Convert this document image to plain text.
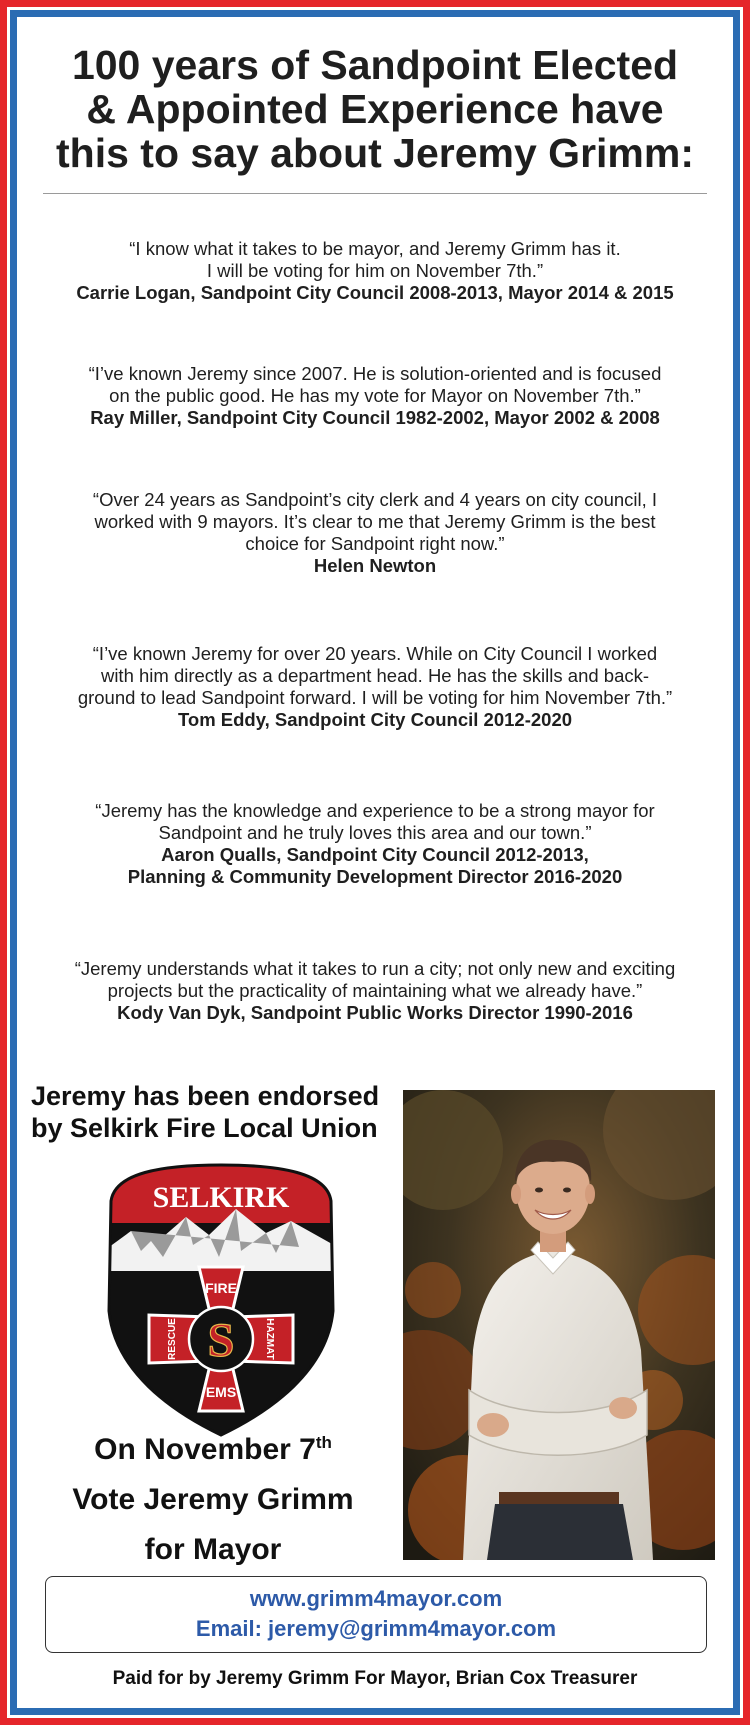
100 years of Sandpoint Elected
& Appointed Experience have
this to say about Jeremy Grimm:
“I know what it takes to be mayor, and Jeremy Grimm has it.
I will be voting for him on November 7th.”
Carrie Logan, Sandpoint City Council 2008-2013, Mayor 2014 & 2015
“I’ve known Jeremy since 2007. He is solution-oriented and is focused
on the public good. He has my vote for Mayor on November 7th.”
Ray Miller, Sandpoint City Council 1982-2002, Mayor 2002 & 2008
“Over 24 years as Sandpoint’s city clerk and 4 years on city council, I
worked with 9 mayors. It’s clear to me that Jeremy Grimm is the best
choice for Sandpoint right now.”
Helen Newton
“I’ve known Jeremy for over 20 years. While on City Council I worked
with him directly as a department head. He has the skills and back-
ground to lead Sandpoint forward. I will be voting for him November 7th.”
Tom Eddy, Sandpoint City Council 2012-2020
“Jeremy has the knowledge and experience to be a strong mayor for
Sandpoint and he truly loves this area and our town.”
Aaron Qualls, Sandpoint City Council 2012-2013,
Planning & Community Development Director 2016-2020
“Jeremy understands what it takes to run a city; not only new and exciting
projects but the practicality of maintaining what we already have.”
Kody Van Dyk, Sandpoint Public Works Director 1990-2016
Jeremy has been endorsed
by Selkirk Fire Local Union
SELKIRK
S
FIRE
EMS
RESCUE	HAZMAT
On November 7th
Vote Jeremy Grimm
for Mayor
www.grimm4mayor.com
Email: jeremy@grimm4mayor.com
Paid for by Jeremy Grimm For Mayor, Brian Cox Treasurer
